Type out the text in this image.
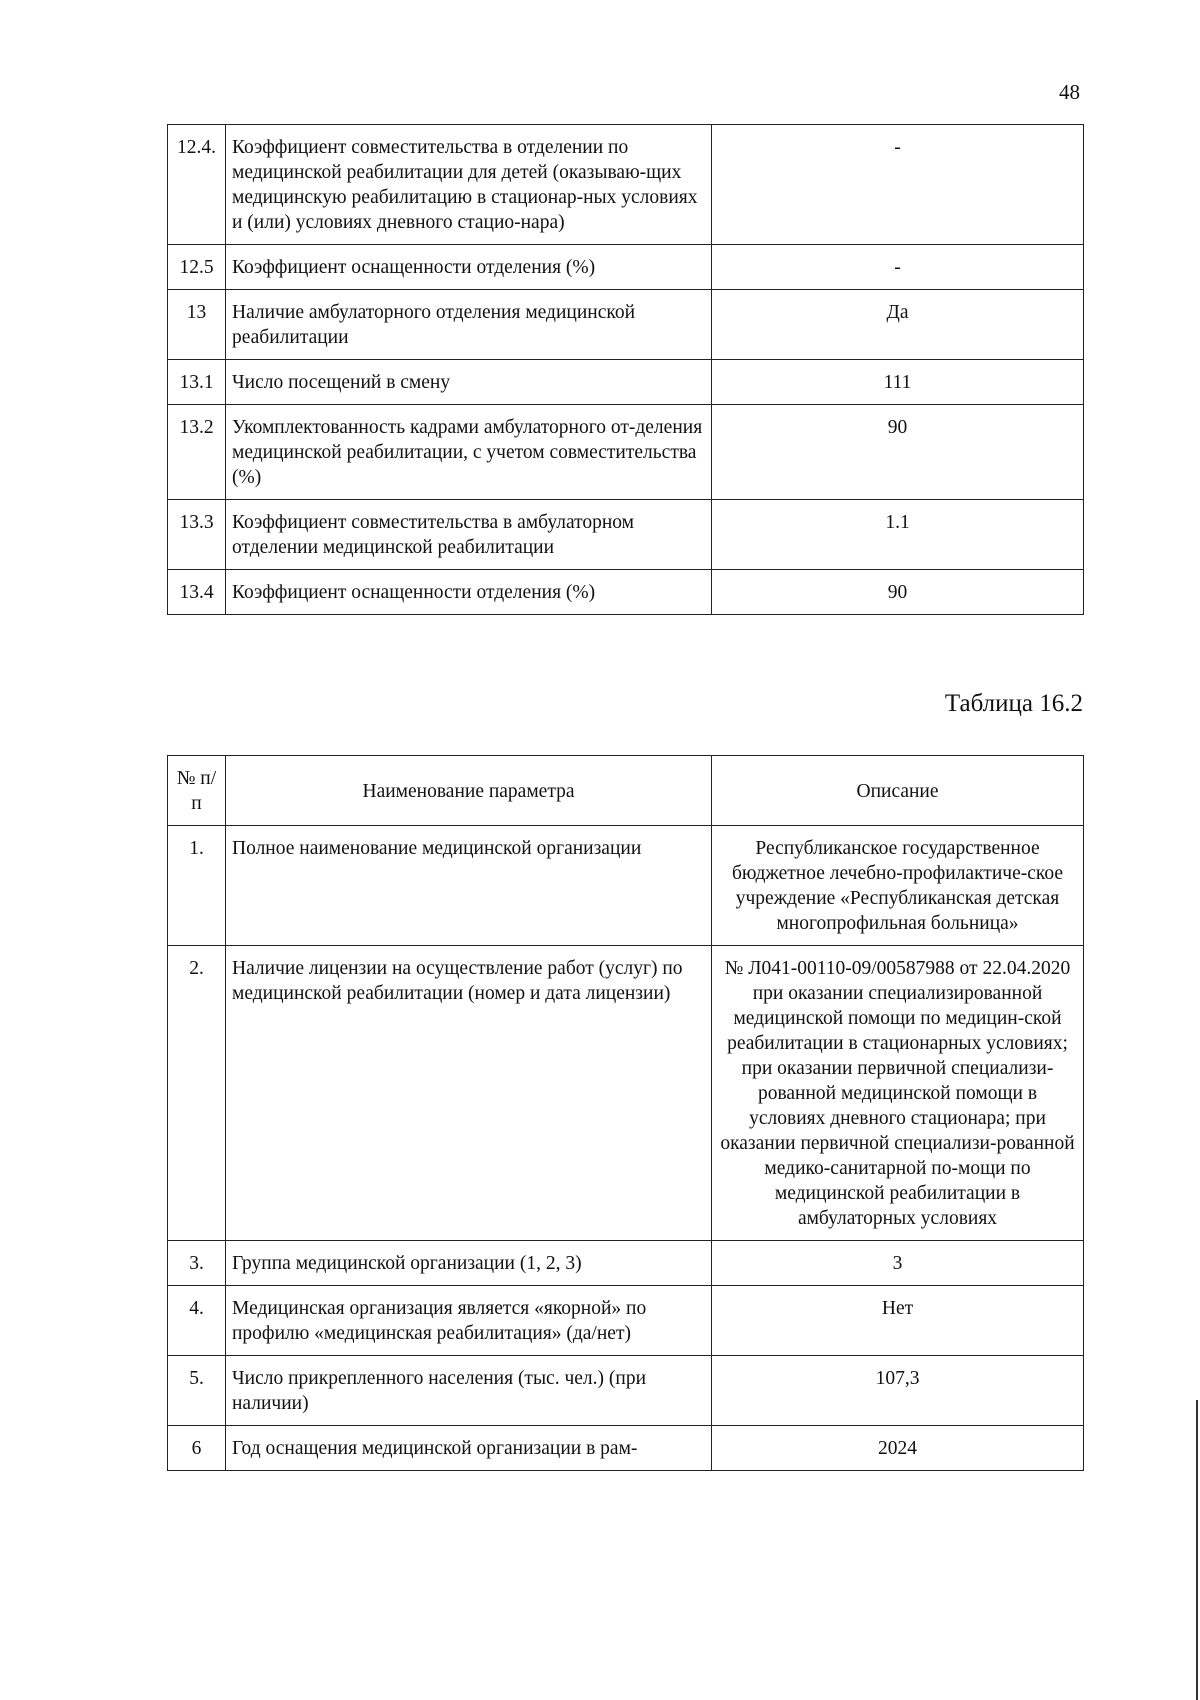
48
12.4.	Коэффициент совместительства в отделении по медицинской реабилитации для детей (оказываю-щих медицинскую реабилитацию в стационар-ных условиях и (или) условиях дневного стацио-нара)	-
12.5	Коэффициент оснащенности отделения (%)	-
13	Наличие амбулаторного отделения медицинской реабилитации	Да
13.1	Число посещений в смену	111
13.2	Укомплектованность кадрами амбулаторного от-деления медицинской реабилитации, с учетом совместительства (%)	90
13.3	Коэффициент совместительства в амбулаторном отделении медицинской реабилитации	1.1
13.4	Коэффициент оснащенности отделения (%)	90
Таблица 16.2
№ п/п	Наименование параметра	Описание
1.	Полное наименование медицинской организации	Республиканское государственное бюджетное лечебно-профилактиче-ское учреждение «Республиканская детская многопрофильная больница»
2.	Наличие лицензии на осуществление работ (услуг) по медицинской реабилитации (номер и дата лицензии)	№ Л041-00110-09/00587988 от 22.04.2020 при оказании специализированной медицинской помощи по медицин-ской реабилитации в стационарных условиях; при оказании первичной специализи-рованной медицинской помощи в условиях дневного стационара; при оказании первичной специализи-рованной медико-санитарной по-мощи по медицинской реабилитации в амбулаторных условиях
3.	Группа медицинской организации (1, 2, 3)	3
4.	Медицинская организация является «якорной» по профилю «медицинская реабилитация» (да/нет)	Нет
5.	Число прикрепленного населения (тыс. чел.) (при наличии)	107,3
6	Год оснащения медицинской организации в рам-	2024
